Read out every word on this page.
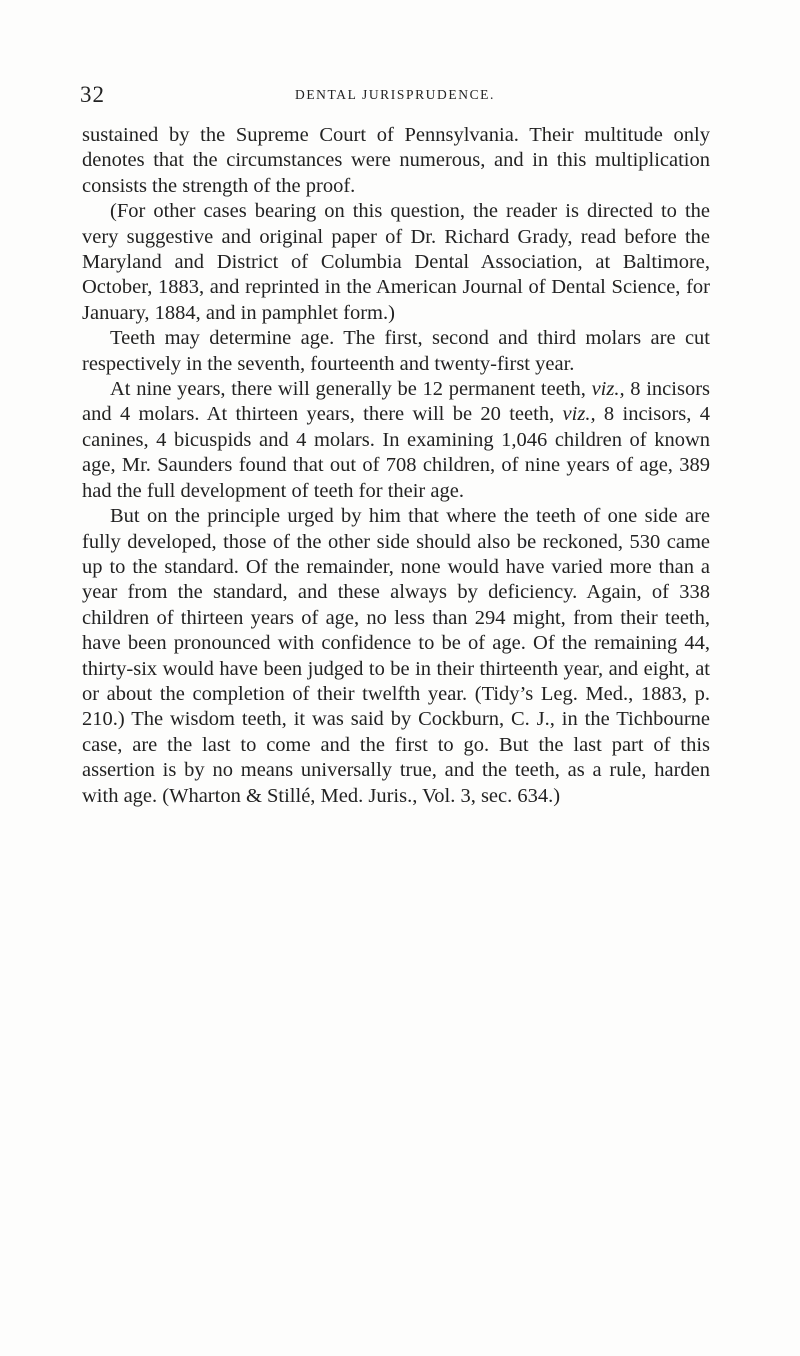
32	DENTAL JURISPRUDENCE.

sustained by the Supreme Court of Pennsylvania. Their multitude only denotes that the circumstances were numerous, and in this multiplication consists the strength of the proof.

(For other cases bearing on this question, the reader is directed to the very suggestive and original paper of Dr. Richard Grady, read before the Maryland and District of Columbia Dental Association, at Baltimore, October, 1883, and reprinted in the American Journal of Dental Science, for January, 1884, and in pamphlet form.)

Teeth may determine age. The first, second and third molars are cut respectively in the seventh, fourteenth and twenty-first year.

At nine years, there will generally be 12 permanent teeth, viz., 8 incisors and 4 molars. At thirteen years, there will be 20 teeth, viz., 8 incisors, 4 canines, 4 bicuspids and 4 molars. In examining 1,046 children of known age, Mr. Saunders found that out of 708 children, of nine years of age, 389 had the full development of teeth for their age.

But on the principle urged by him that where the teeth of one side are fully developed, those of the other side should also be reckoned, 530 came up to the standard. Of the remainder, none would have varied more than a year from the standard, and these always by deficiency. Again, of 338 children of thirteen years of age, no less than 294 might, from their teeth, have been pronounced with confidence to be of age. Of the remaining 44, thirty-six would have been judged to be in their thirteenth year, and eight, at or about the completion of their twelfth year. (Tidy’s Leg. Med., 1883, p. 210.) The wisdom teeth, it was said by Cockburn, C. J., in the Tichbourne case, are the last to come and the first to go. But the last part of this assertion is by no means universally true, and the teeth, as a rule, harden with age. (Wharton & Stillé, Med. Juris., Vol. 3, sec. 634.)
